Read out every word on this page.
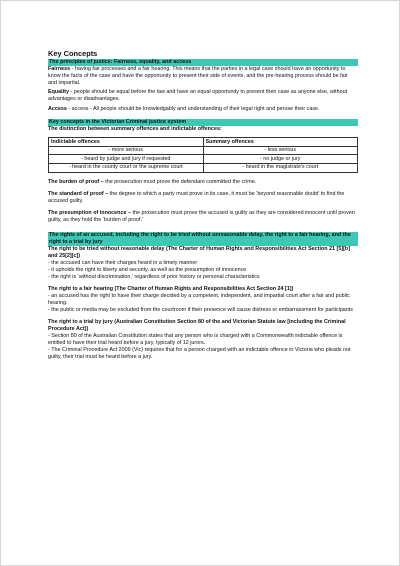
Key Concepts
The principles of justice: Fairness, equality, and access

Fairness - having fair processes and a fair hearing. This means that the parties in a legal case should have an opportunity to know the facts of the case and have the opportunity to present their side of events, and the pre-hearing process should be fair and impartial.

Equality - people should be equal before the law and have an equal opportunity to present their case as anyone else, without advantages or disadvantages.

Access - access - All people should be knowledgably and understanding of their legal right and peruse their case.

Key concepts in the Victorian Criminal justice system
The distinction between summary offences and indictable offences:
Indictable offences	Summary offences
- more serious	- less serious
- heard by judge and jury if requested	- no judge or jury
- heard in the county court or the supreme court	- heard in the magistrate’s court

The burden of proof – the prosecution must prove the defendant committed the crime.

The standard of proof – the degree to which a party must prove in its case, it must be ‘beyond reasonable doubt’ to find the accused guilty.

The presumption of innocence – the prosecution must prove the accused is guilty as they are considered innocent until proven guilty, as they hold the ‘burden of proof.’

The rights of an accused, including the right to be tried without unreasonable delay, the right to a fair hearing, and the right to a trial by jury
The right to be tried without reasonable delay (The Charter of Human Rights and Responsibilities Act Section 21 [5][b] and 25[2][c])
- the accused can have their charges heard in a timely manner
- it upholds the right to liberty and security, as well as the presumption of innocence
- the right is ‘without discrimination,’ regardless of prior history or personal characteristics
The right to a fair hearing (The Charter of Human Rights and Responsibilities Act Section 24 [1])
- an accused has the right to have their charge decided by a competent, independent, and impartial court after a fair and public hearing.
- the public or media may be excluded from the courtroom if their presence will cause distress or embarrassment for participants
The right to a trial by jury (Australian Constitution Section 80 of the and Victorian Statute law [including the Criminal Procedure Act])
- Section 80 of the Australian Constitution states that any person who is charged with a Commonwealth indictable offence is entitled to have their trial heard before a jury, typically of 12 jurors.
- The Criminal Procedure Act 2009 (Vic) requires that for a person charged with an indictable offence in Victoria who pleads not guilty, their trial must be heard before a jury.
